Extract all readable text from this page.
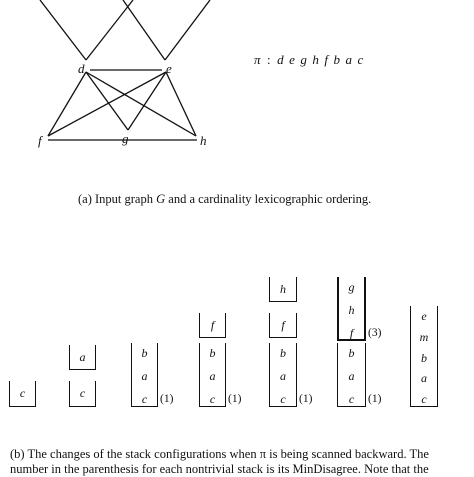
d	e
f	g	h
π : d e g h f b a c
(a) Input graph G and a cardinality lexicographic ordering.
c	c
a	b
a
c	(1)
b
a
c	(1)
f
b
a
c	(1)
f
h
b
a
c	(1)
g
h
f	(3)
e
m
b
a
c
(b) The changes of the stack configurations when π is being scanned backward. The
number in the parenthesis for each nontrivial stack is its MinDisagree. Note that the
